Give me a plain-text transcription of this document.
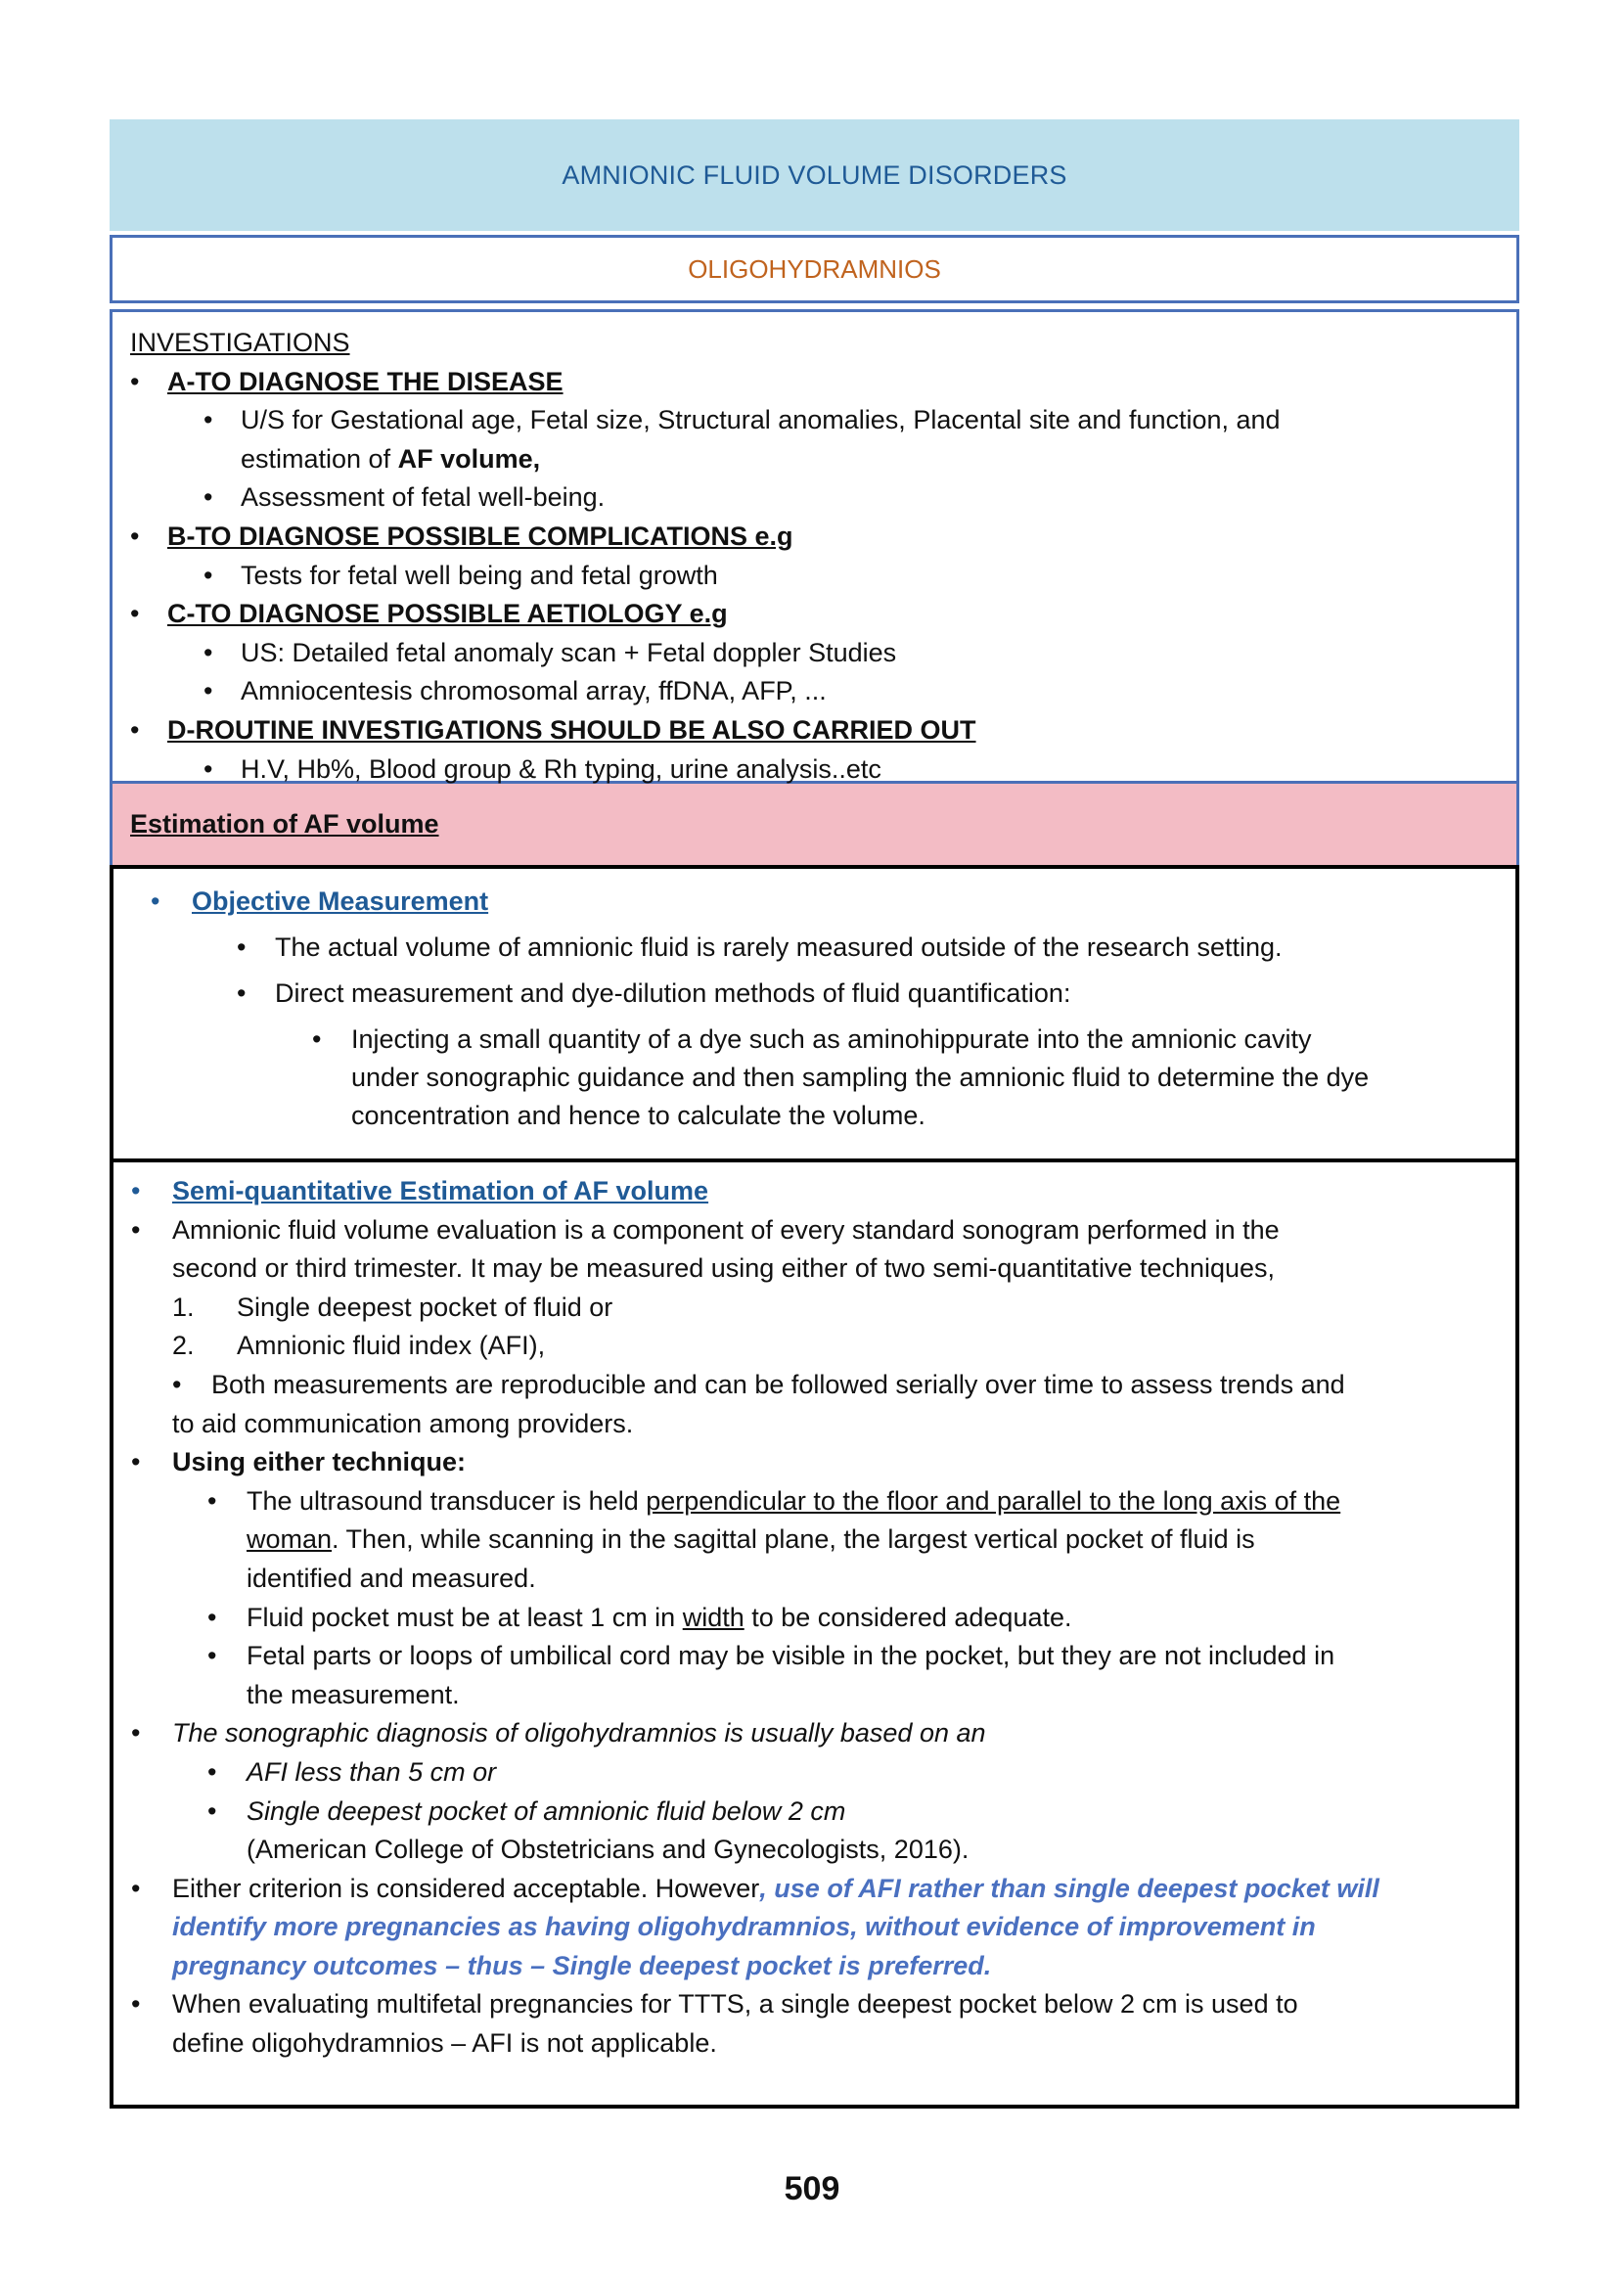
AMNIONIC FLUID VOLUME DISORDERS
OLIGOHYDRAMNIOS
INVESTIGATIONS
• A-TO DIAGNOSE THE DISEASE
• U/S for Gestational age, Fetal size, Structural anomalies, Placental site and function, and
estimation of AF volume,
• Assessment of fetal well-being.
• B-TO DIAGNOSE POSSIBLE COMPLICATIONS e.g
• Tests for fetal well being and fetal growth
• C-TO DIAGNOSE POSSIBLE AETIOLOGY e.g
• US: Detailed fetal anomaly scan + Fetal doppler Studies
• Amniocentesis chromosomal array, ffDNA, AFP, ...
• D-ROUTINE INVESTIGATIONS SHOULD BE ALSO CARRIED OUT
• H.V, Hb%, Blood group & Rh typing, urine analysis..etc
Estimation of AF volume
• Objective Measurement
• The actual volume of amnionic fluid is rarely measured outside of the research setting.
• Direct measurement and dye-dilution methods of fluid quantification:
• Injecting a small quantity of a dye such as aminohippurate into the amnionic cavity
under sonographic guidance and then sampling the amnionic fluid to determine the dye
concentration and hence to calculate the volume.
• Semi-quantitative Estimation of AF volume
• Amnionic fluid volume evaluation is a component of every standard sonogram performed in the
second or third trimester. It may be measured using either of two semi-quantitative techniques,
1. Single deepest pocket of fluid or
2. Amnionic fluid index (AFI),
• Both measurements are reproducible and can be followed serially over time to assess trends and
to aid communication among providers.
• Using either technique:
• The ultrasound transducer is held perpendicular to the floor and parallel to the long axis of the
woman. Then, while scanning in the sagittal plane, the largest vertical pocket of fluid is
identified and measured.
• Fluid pocket must be at least 1 cm in width to be considered adequate.
• Fetal parts or loops of umbilical cord may be visible in the pocket, but they are not included in
the measurement.
• The sonographic diagnosis of oligohydramnios is usually based on an
• AFI less than 5 cm or
• Single deepest pocket of amnionic fluid below 2 cm
(American College of Obstetricians and Gynecologists, 2016).
• Either criterion is considered acceptable. However, use of AFI rather than single deepest pocket will
identify more pregnancies as having oligohydramnios, without evidence of improvement in
pregnancy outcomes – thus – Single deepest pocket is preferred.
• When evaluating multifetal pregnancies for TTTS, a single deepest pocket below 2 cm is used to
define oligohydramnios – AFI is not applicable.
509
